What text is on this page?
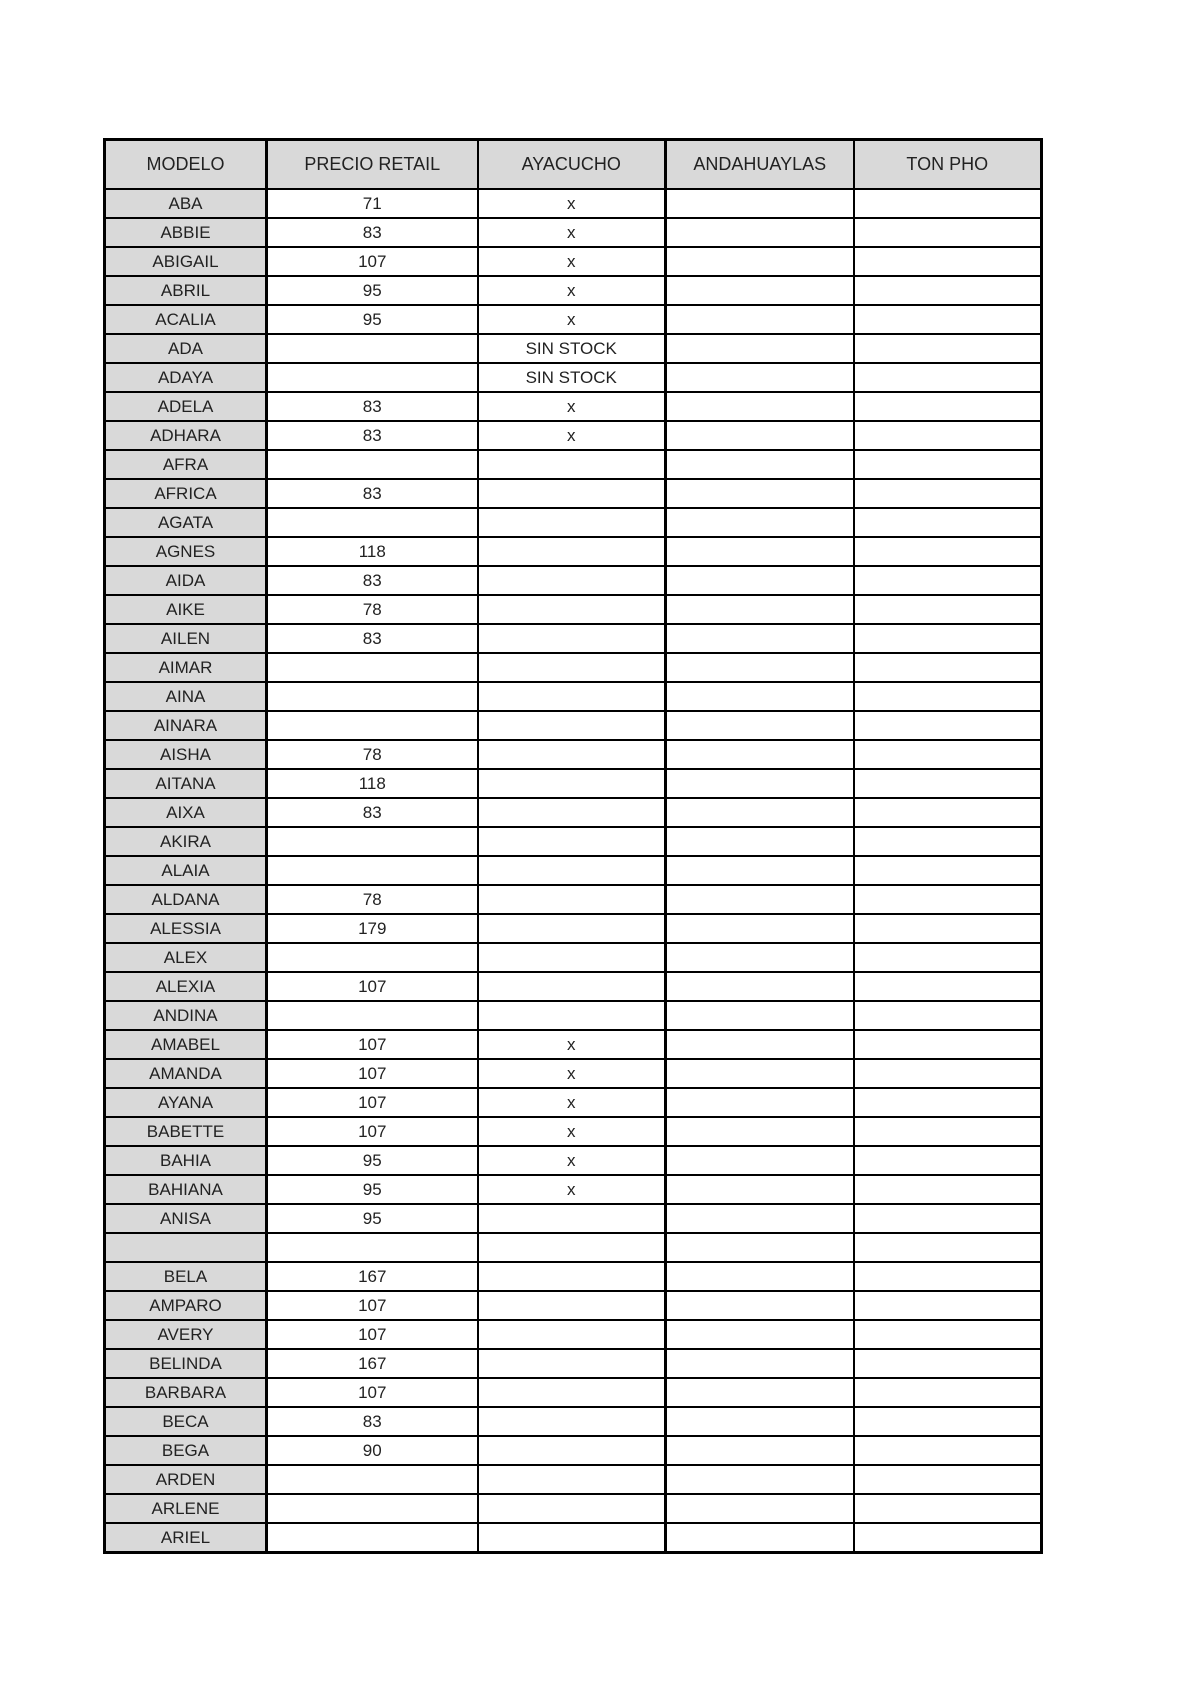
MODELO	PRECIO RETAIL	AYACUCHO	ANDAHUAYLAS	TON PHO
ABA	71	x		
ABBIE	83	x		
ABIGAIL	107	x		
ABRIL	95	x		
ACALIA	95	x		
ADA		SIN STOCK		
ADAYA		SIN STOCK		
ADELA	83	x		
ADHARA	83	x		
AFRA				
AFRICA	83			
AGATA				
AGNES	118			
AIDA	83			
AIKE	78			
AILEN	83			
AIMAR				
AINA				
AINARA				
AISHA	78			
AITANA	118			
AIXA	83			
AKIRA				
ALAIA				
ALDANA	78			
ALESSIA	179			
ALEX				
ALEXIA	107			
ANDINA				
AMABEL	107	x		
AMANDA	107	x		
AYANA	107	x		
BABETTE	107	x		
BAHIA	95	x		
BAHIANA	95	x		
ANISA	95			

BELA	167			
AMPARO	107			
AVERY	107			
BELINDA	167			
BARBARA	107			
BECA	83			
BEGA	90			
ARDEN				
ARLENE				
ARIEL				
